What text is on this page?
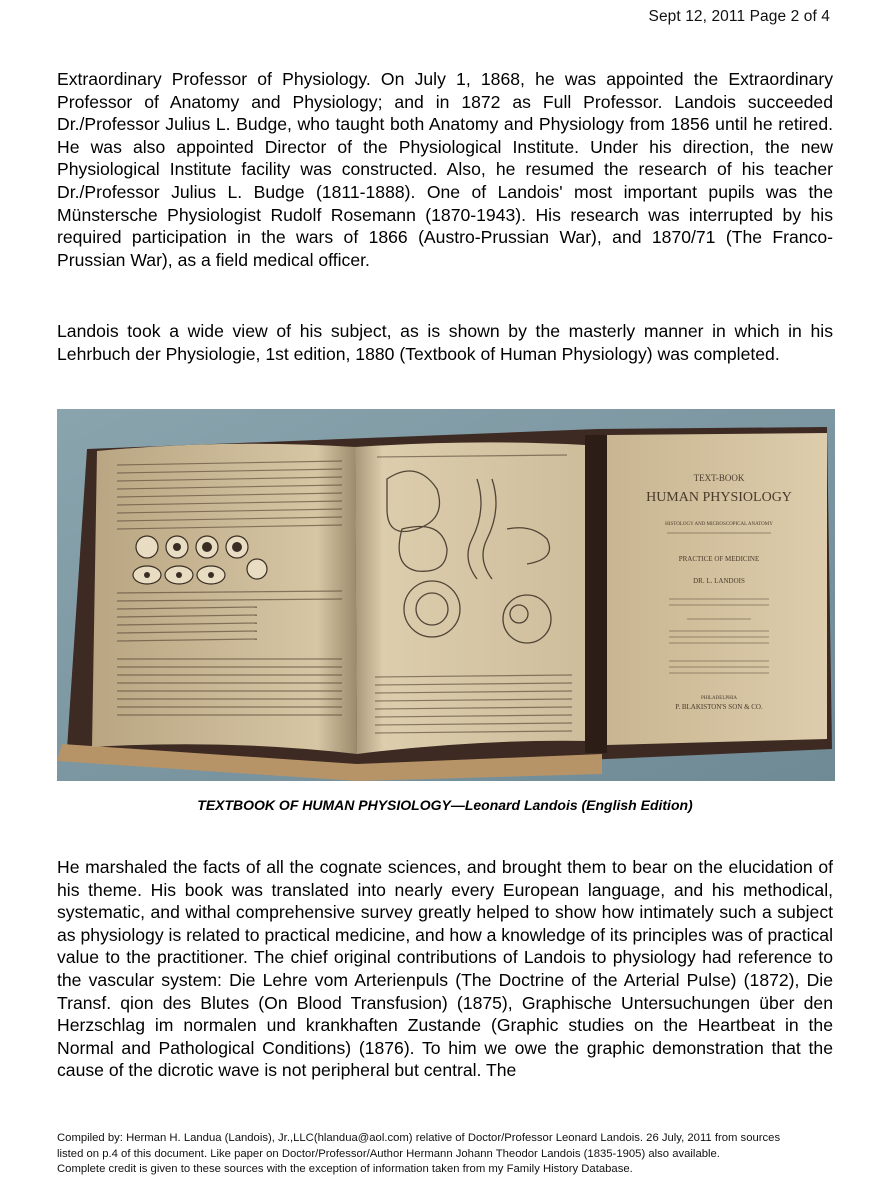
Sept 12, 2011 Page 2 of 4
Extraordinary Professor of Physiology. On July 1, 1868, he was appointed the Extraordinary Professor of Anatomy and Physiology; and in 1872 as Full Professor. Landois succeeded Dr./Professor Julius L. Budge, who taught both Anatomy and Physiology from 1856 until he retired. He was also appointed Director of the Physiological Institute. Under his direction, the new Physiological Institute facility was constructed. Also, he resumed the research of his teacher Dr./Professor Julius L. Budge (1811-1888). One of Landois' most important pupils was the Münstersche Physiologist Rudolf Rosemann (1870-1943). His research was interrupted by his required participation in the wars of 1866 (Austro-Prussian War), and 1870/71 (The Franco-Prussian War), as a field medical officer.
Landois took a wide view of his subject, as is shown by the masterly manner in which in his Lehrbuch der Physiologie, 1st edition, 1880 (Textbook of Human Physiology) was completed.
TEXT-BOOK
HUMAN PHYSIOLOGY
HISTOLOGY AND MICROSCOPICAL ANATOMY
PRACTICE OF MEDICINE
DR. L. LANDOIS
PHILADELPHIA
P. BLAKISTON'S SON & CO.
TEXTBOOK OF HUMAN PHYSIOLOGY—Leonard Landois (English Edition)
He marshaled the facts of all the cognate sciences, and brought them to bear on the elucidation of his theme. His book was translated into nearly every European language, and his methodical, systematic, and withal comprehensive survey greatly helped to show how intimately such a subject as physiology is related to practical medicine, and how a knowledge of its principles was of practical value to the practitioner. The chief original contributions of Landois to physiology had reference to the vascular system: Die Lehre vom Arterienpuls (The Doctrine of the Arterial Pulse) (1872), Die Transf. qion des Blutes (On Blood Transfusion) (1875), Graphische Untersuchungen über den Herzschlag im normalen und krankhaften Zustande (Graphic studies on the Heartbeat in the Normal and Pathological Conditions) (1876). To him we owe the graphic demonstration that the cause of the dicrotic wave is not peripheral but central. The

Compiled by: Herman H. Landua (Landois), Jr.,LLC(hlandua@aol.com) relative of Doctor/Professor Leonard Landois. 26 July, 2011 from sources

listed on p.4 of this document. Like paper on Doctor/Professor/Author Hermann Johann Theodor Landois (1835-1905) also available.

Complete credit is given to these sources with the exception of information taken from my Family History Database.
